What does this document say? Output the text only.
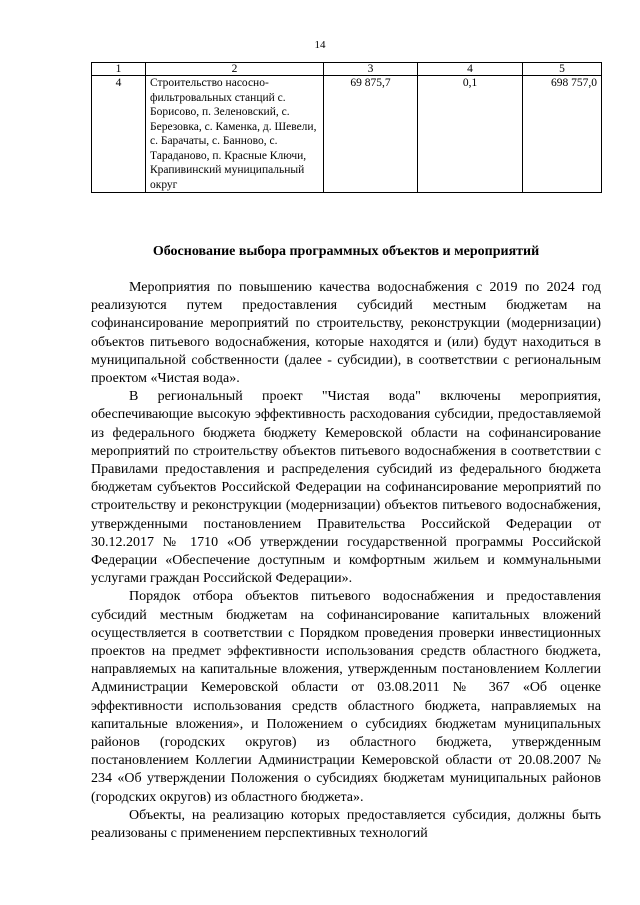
14
1	2	3	4	5
4	Строительство насосно-фильтровальных станций с. Борисово, п. Зеленовский, с. Березовка, с. Каменка, д. Шевели, с. Барачаты, с. Банново, с. Тараданово, п. Красные Ключи, Крапивинский муниципальный округ	69 875,7	0,1	698 757,0
Обоснование выбора программных объектов и мероприятий

Мероприятия по повышению качества водоснабжения с 2019 по 2024 год реализуются путем предоставления субсидий местным бюджетам на софинансирование мероприятий по строительству, реконструкции (модернизации) объектов питьевого водоснабжения, которые находятся и (или) будут находиться в муниципальной собственности (далее - субсидии), в соответствии с региональным проектом «Чистая вода».

В региональный проект "Чистая вода" включены мероприятия, обеспечивающие высокую эффективность расходования субсидии, предоставляемой из федерального бюджета бюджету Кемеровской области на софинансирование мероприятий по строительству объектов питьевого водоснабжения в соответствии с Правилами предоставления и распределения субсидий из федерального бюджета бюджетам субъектов Российской Федерации на софинансирование мероприятий по строительству и реконструкции (модернизации) объектов питьевого водоснабжения, утвержденными постановлением Правительства Российской Федерации от 30.12.2017 № 1710 «Об утверждении государственной программы Российской Федерации «Обеспечение доступным и комфортным жильем и коммунальными услугами граждан Российской Федерации».

Порядок отбора объектов питьевого водоснабжения и предоставления субсидий местным бюджетам на софинансирование капитальных вложений осуществляется в соответствии с Порядком проведения проверки инвестиционных проектов на предмет эффективности использования средств областного бюджета, направляемых на капитальные вложения, утвержденным постановлением Коллегии Администрации Кемеровской области от 03.08.2011 № 367 «Об оценке эффективности использования средств областного бюджета, направляемых на капитальные вложения», и Положением о субсидиях бюджетам муниципальных районов (городских округов) из областного бюджета, утвержденным постановлением Коллегии Администрации Кемеровской области от 20.08.2007 № 234 «Об утверждении Положения о субсидиях бюджетам муниципальных районов (городских округов) из областного бюджета».

Объекты, на реализацию которых предоставляется субсидия, должны быть реализованы с применением перспективных технологий
